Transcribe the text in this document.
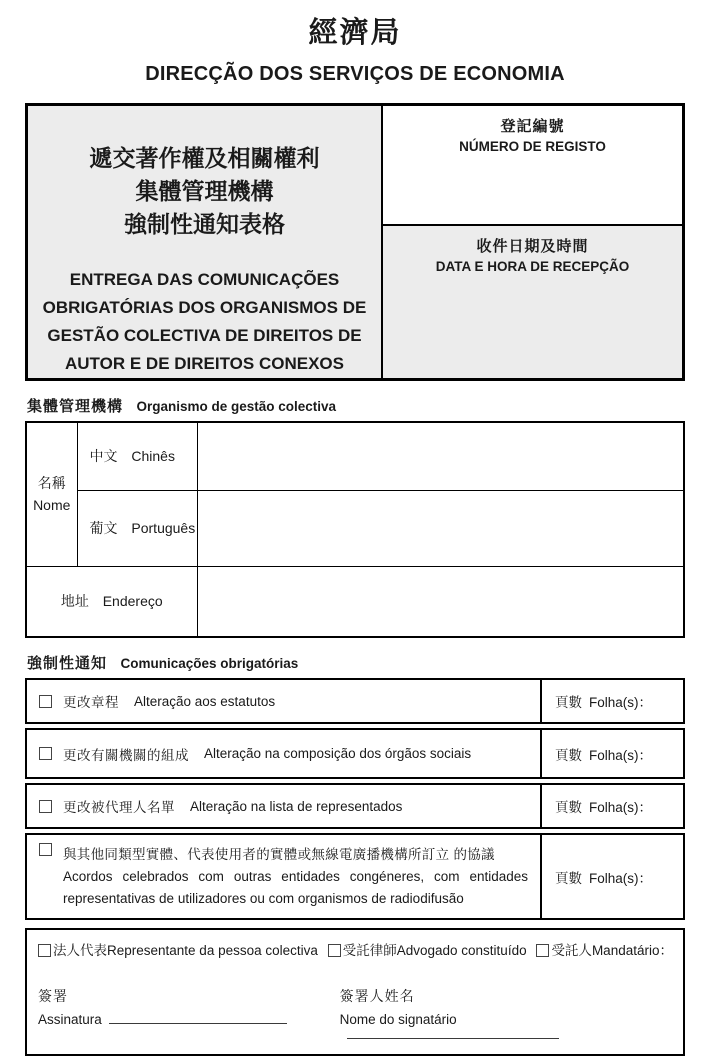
經濟局
DIRECÇÃO DOS SERVIÇOS DE ECONOMIA
遞交著作權及相關權利
集體管理機構
強制性通知表格
ENTREGA DAS COMUNICAÇÕES OBRIGATÓRIAS DOS ORGANISMOS DE GESTÃO COLECTIVA DE DIREITOS DE AUTOR E DE DIREITOS CONEXOS
登記編號
NÚMERO DE REGISTO
收件日期及時間
DATA E HORA DE RECEPÇÃO
集體管理機構 Organismo de gestão colectiva
名稱
Nome	中文 Chinês	
	葡文 Português	
地址 Endereço		
強制性通知 Comunicações obrigatórias
更改章程 Alteração aos estatutos	頁數 Folha(s)：
更改有關機關的組成 Alteração na composição dos órgãos sociais	頁數 Folha(s)：
更改被代理人名單 Alteração na lista de representados	頁數 Folha(s)：
與其他同類型實體、代表使用者的實體或無線電廣播機構所訂立 的協議
Acordos celebrados com outras entidades congéneres, com entidades representativas de utilizadores ou com organismos de radiodifusão
頁數 Folha(s)：
法人代表Representante da pessoa colectiva	受託律師Advogado constituído	受託人Mandatário：
簽署
Assinatura
簽署人姓名
Nome do signatário
